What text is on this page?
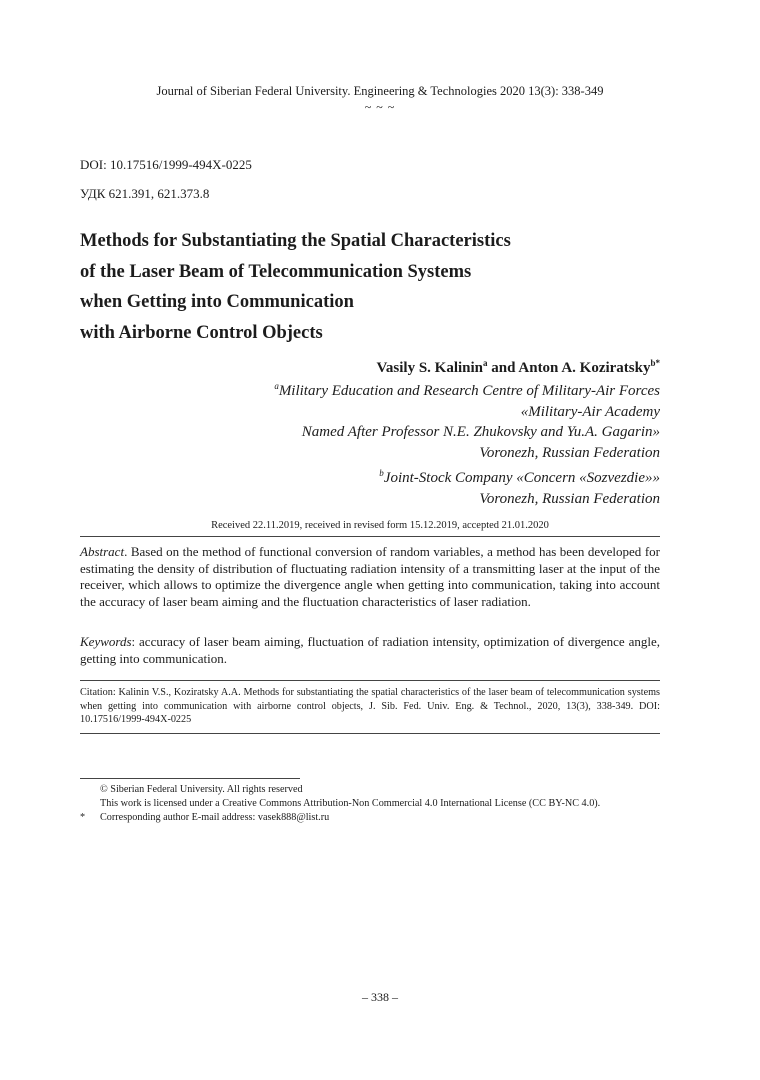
Journal of Siberian Federal University. Engineering & Technologies 2020 13(3): 338-349
~ ~ ~
DOI: 10.17516/1999-494X-0225
УДК 621.391, 621.373.8
Methods for Substantiating the Spatial Characteristics
of the Laser Beam of Telecommunication Systems
when Getting into Communication
with Airborne Control Objects
Vasily S. Kalinin$^a$ and Anton A. Koziratsky$^{b*}$
$^a$Military Education and Research Centre of Military-Air Forces
«Military-Air Academy
Named After Professor N.E. Zhukovsky and Yu.A. Gagarin»
Voronezh, Russian Federation
$^b$Joint-Stock Company «Concern «Sozvezdie»»
Voronezh, Russian Federation
Received 22.11.2019, received in revised form 15.12.2019, accepted 21.01.2020
Abstract. Based on the method of functional conversion of random variables, a method has been developed for estimating the density of distribution of fluctuating radiation intensity of a transmitting laser at the input of the receiver, which allows to optimize the divergence angle when getting into communication, taking into account the accuracy of laser beam aiming and the fluctuation characteristics of laser radiation.
Keywords: accuracy of laser beam aiming, fluctuation of radiation intensity, optimization of divergence angle, getting into communication.
Citation: Kalinin V.S., Koziratsky A.A. Methods for substantiating the spatial characteristics of the laser beam of telecommunication systems when getting into communication with airborne control objects, J. Sib. Fed. Univ. Eng. & Technol., 2020, 13(3), 338-349. DOI: 10.17516/1999-494X-0225
© Siberian Federal University. All rights reserved
This work is licensed under a Creative Commons Attribution-Non Commercial 4.0 International License (CC BY-NC 4.0).
* Corresponding author E-mail address: vasek888@list.ru
– 338 –
